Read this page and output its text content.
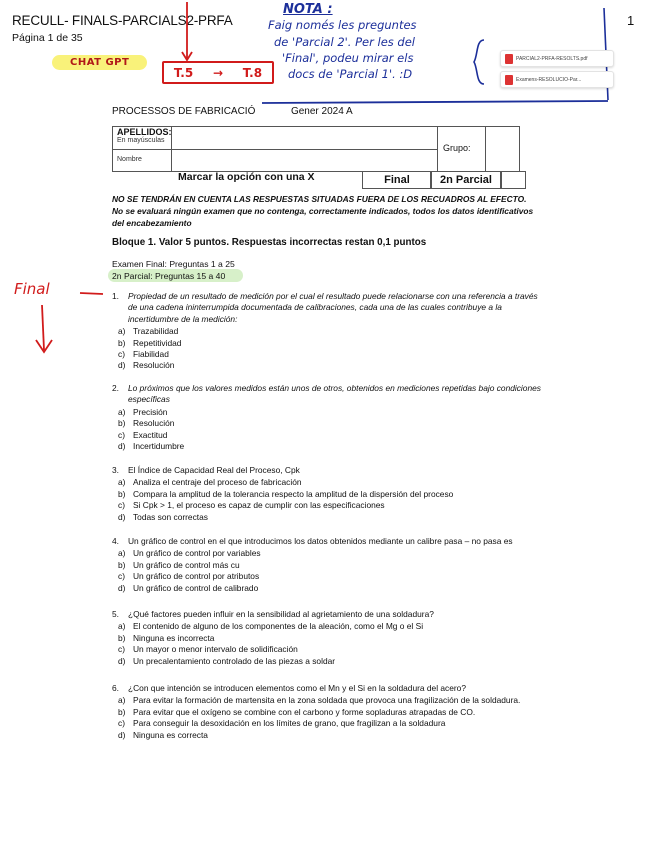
RECULL- FINALS-PARCIALS2-PRFA
Página 1 de 35
1
NOTA :
Faig només les preguntes
de 'Parcial 2'. Per les del
'Final', podeu mirar els
docs de 'Parcial 1'. :D
CHAT GPT
T.5 → T.8
PARCIAL2-PRFA-RESOLTS.pdf
Examens-RESOLUCIO-Par...
PROCESSOS DE FABRICACIÓ	Gener 2024 A
APELLIDOS:
En mayúsculas
Nombre
Grupo:
Marcar la opción con una X	Final	2n Parcial
NO SE TENDRÁN EN CUENTA LAS RESPUESTAS SITUADAS FUERA DE LOS RECUADROS AL EFECTO.
No se evaluará ningún examen que no contenga, correctamente indicados, todos los datos identificativos
del encabezamiento
Bloque 1. Valor 5 puntos. Respuestas incorrectas restan 0,1 puntos
Examen Final: Preguntas 1 a 25
2n Parcial: Preguntas 15 a 40
Final	1.	Propiedad de un resultado de medición por el cual el resultado puede relacionarse con una referencia a través de una cadena ininterrumpida documentada de calibraciones, cada una de las cuales contribuye a la incertidumbre de la medición:
a) Trazabilidad
b) Repetitividad
c) Fiabilidad
d) Resolución
2.	Lo próximos que los valores medidos están unos de otros, obtenidos en mediciones repetidas bajo condiciones específicas
a) Precisión
b) Resolución
c) Exactitud
d) Incertidumbre
3.	El Índice de Capacidad Real del Proceso, Cpk
a) Analiza el centraje del proceso de fabricación
b) Compara la amplitud de la tolerancia respecto la amplitud de la dispersión del proceso
c) Si Cpk > 1, el proceso es capaz de cumplir con las especificaciones
d) Todas son correctas
4.	Un gráfico de control en el que introducimos los datos obtenidos mediante un calibre pasa – no pasa es
a) Un gráfico de control por variables
b) Un gráfico de control más cu
c) Un gráfico de control por atributos
d) Un gráfico de control de calibrado
5.	¿Qué factores pueden influir en la sensibilidad al agrietamiento de una soldadura?
a) El contenido de alguno de los componentes de la aleación, como el Mg o el Si
b) Ninguna es incorrecta
c) Un mayor o menor intervalo de solidificación
d) Un precalentamiento controlado de las piezas a soldar
6.	¿Con que intención se introducen elementos como el Mn y el Si en la soldadura del acero?
a) Para evitar la formación de martensita en la zona soldada que provoca una fragilización de la soldadura.
b) Para evitar que el oxígeno se combine con el carbono y forme sopladuras atrapadas de CO.
c) Para conseguir la desoxidación en los límites de grano, que fragilizan a la soldadura
d) Ninguna es correcta
